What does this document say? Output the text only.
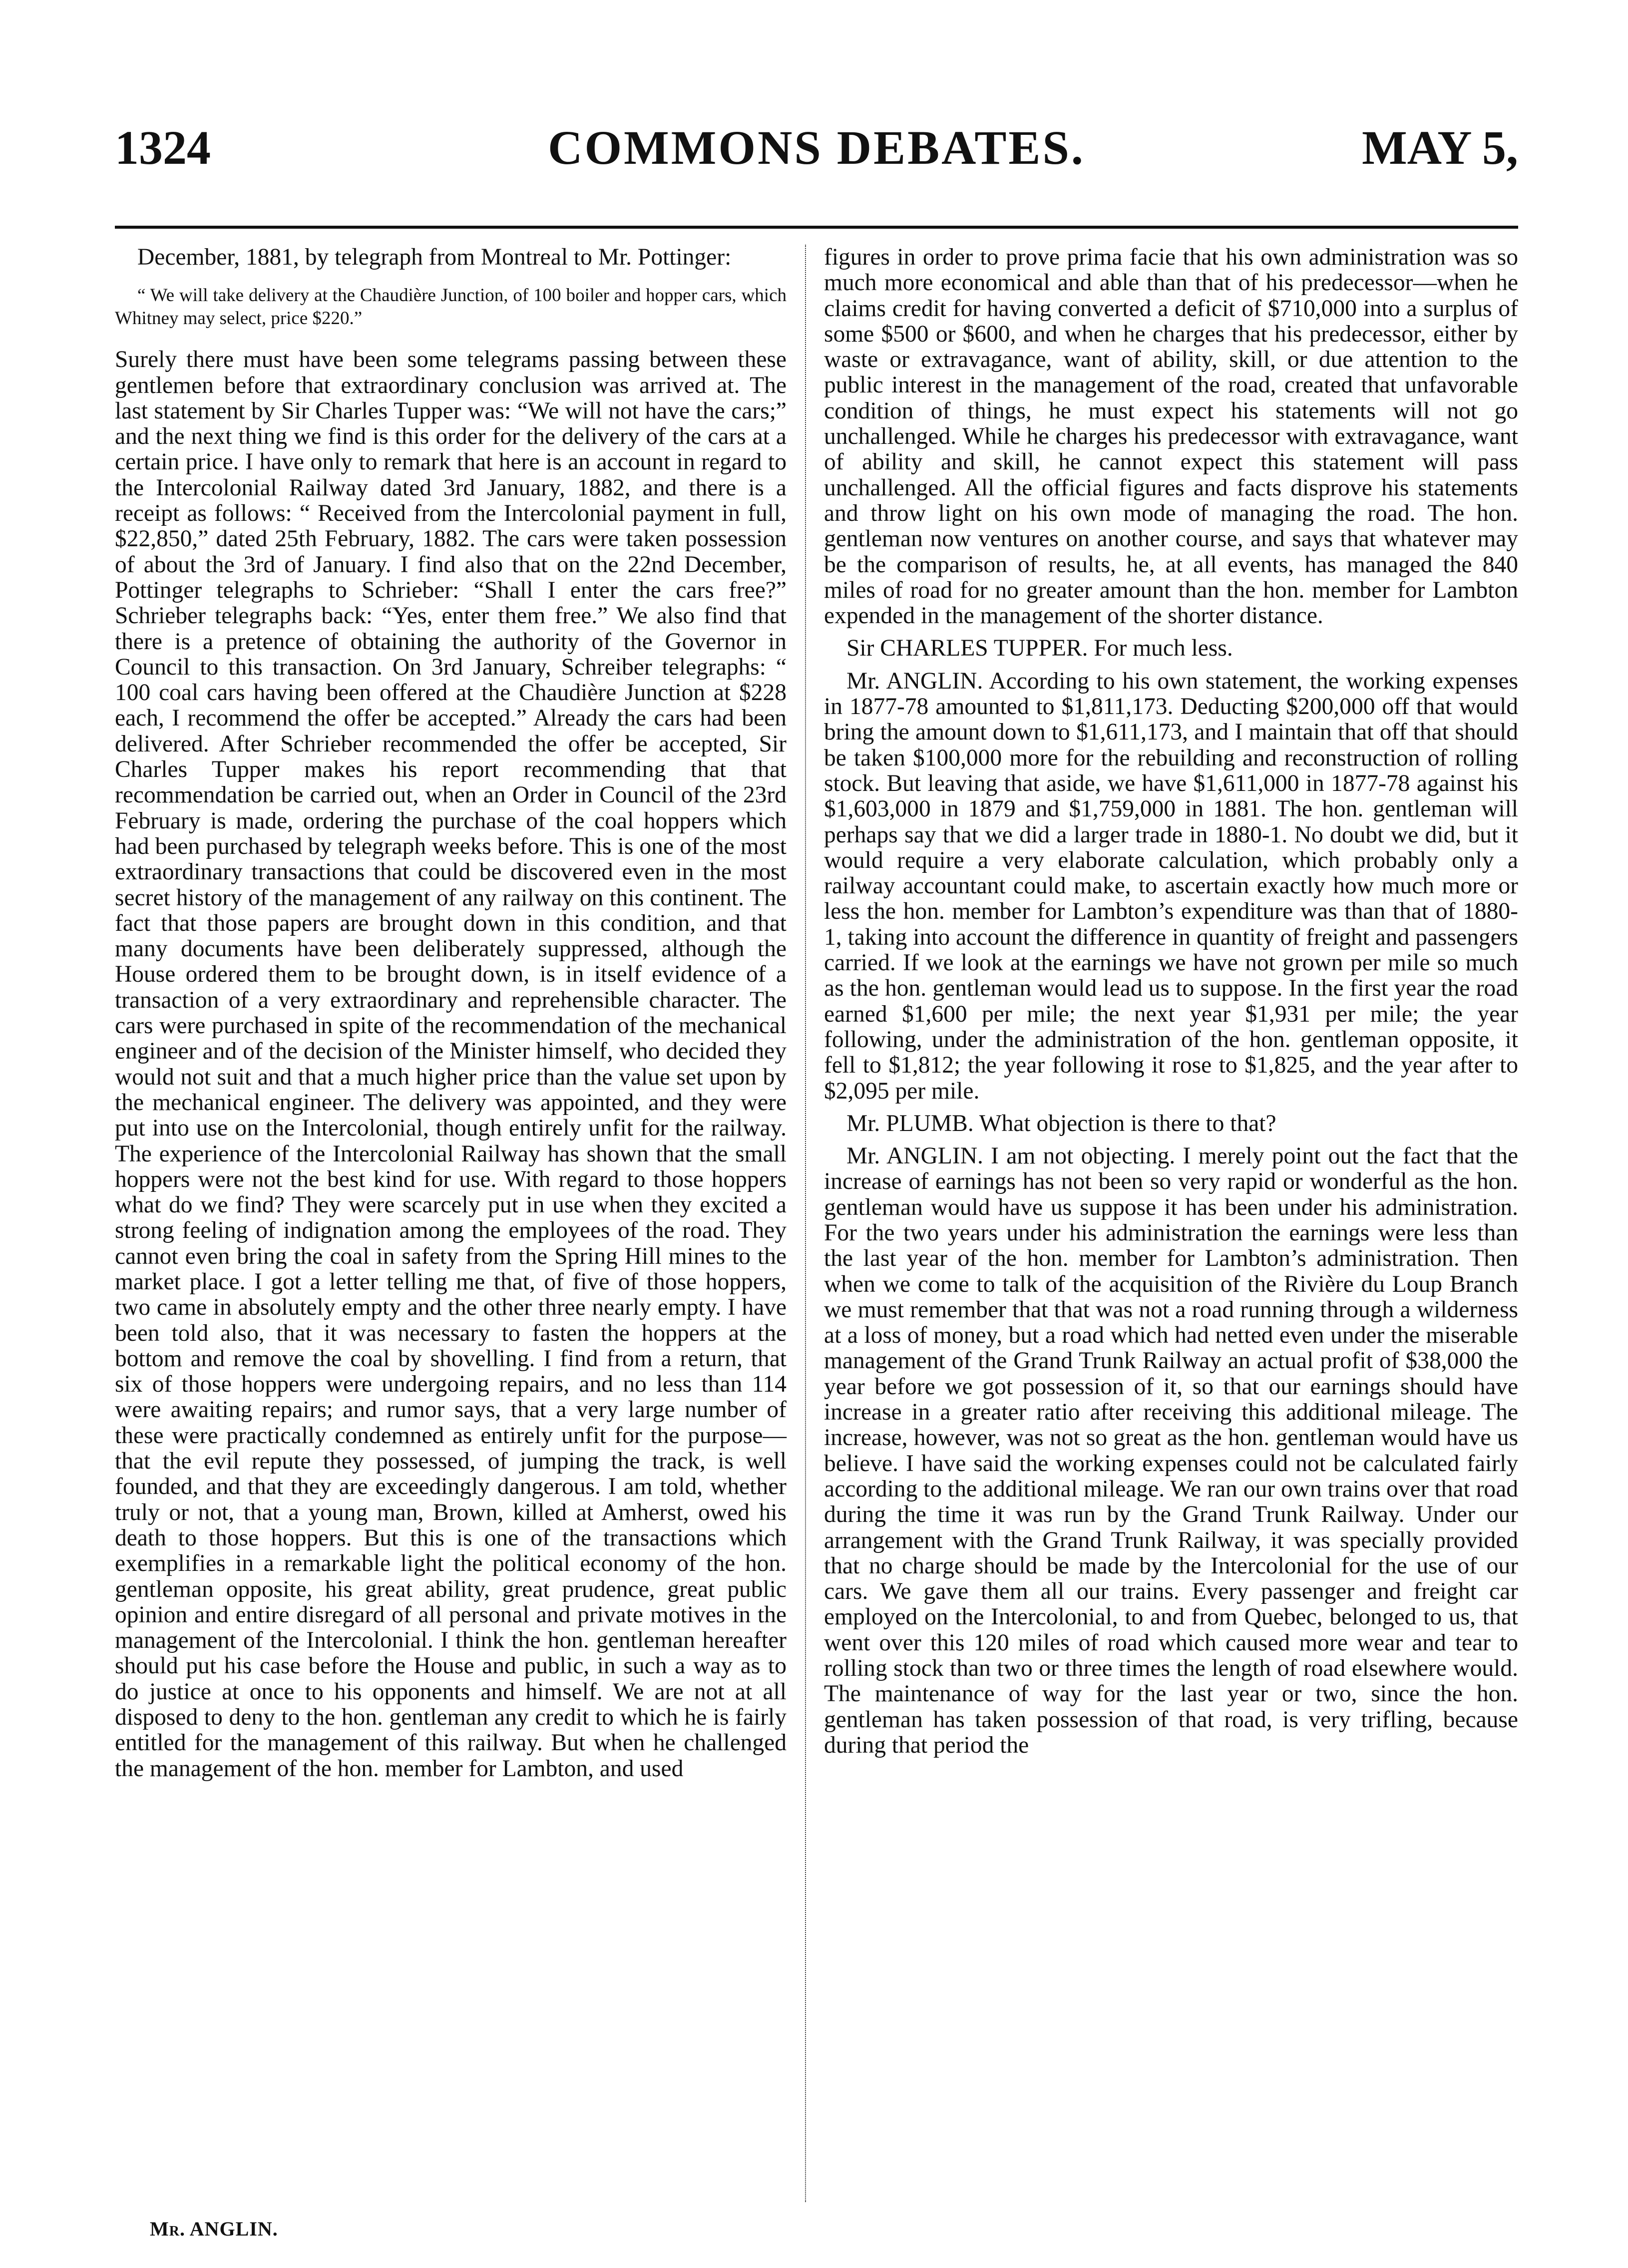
1324	COMMONS DEBATES.	MAY 5,

December, 1881, by telegraph from Montreal to Mr. Pottinger:

“ We will take delivery at the Chaudière Junction, of 100 boiler and hopper cars, which Whitney may select, price $220.”

Surely there must have been some telegrams passing between these gentlemen before that extraordinary conclusion was arrived at. The last statement by Sir Charles Tupper was: “We will not have the cars;” and the next thing we find is this order for the delivery of the cars at a certain price. I have only to remark that here is an account in regard to the Intercolonial Railway dated 3rd January, 1882, and there is a receipt as follows: “ Received from the Intercolonial payment in full, $22,850,” dated 25th February, 1882. The cars were taken possession of about the 3rd of January. I find also that on the 22nd December, Pottinger telegraphs to Schrieber: “Shall I enter the cars free?” Schrieber telegraphs back: “Yes, enter them free.” We also find that there is a pretence of obtaining the authority of the Governor in Council to this transaction. On 3rd January, Schreiber telegraphs: “ 100 coal cars having been offered at the Chaudière Junction at $228 each, I recommend the offer be accepted.” Already the cars had been delivered. After Schrieber recommended the offer be accepted, Sir Charles Tupper makes his report recommending that that recommendation be carried out, when an Order in Council of the 23rd February is made, ordering the purchase of the coal hoppers which had been purchased by telegraph weeks before. This is one of the most extraordinary transactions that could be discovered even in the most secret history of the management of any railway on this continent. The fact that those papers are brought down in this condition, and that many documents have been deliberately suppressed, although the House ordered them to be brought down, is in itself evidence of a transaction of a very extraordinary and reprehensible character. The cars were purchased in spite of the recommendation of the mechanical engineer and of the decision of the Minister himself, who decided they would not suit and that a much higher price than the value set upon by the mechanical engineer. The delivery was appointed, and they were put into use on the Intercolonial, though entirely unfit for the railway. The experience of the Intercolonial Railway has shown that the small hoppers were not the best kind for use. With regard to those hoppers what do we find? They were scarcely put in use when they excited a strong feeling of indignation among the employees of the road. They cannot even bring the coal in safety from the Spring Hill mines to the market place. I got a letter telling me that, of five of those hoppers, two came in absolutely empty and the other three nearly empty. I have been told also, that it was necessary to fasten the hoppers at the bottom and remove the coal by shovelling. I find from a return, that six of those hoppers were undergoing repairs, and no less than 114 were awaiting repairs; and rumor says, that a very large number of these were practically condemned as entirely unfit for the purpose—that the evil repute they possessed, of jumping the track, is well founded, and that they are exceedingly dangerous. I am told, whether truly or not, that a young man, Brown, killed at Amherst, owed his death to those hoppers. But this is one of the transactions which exemplifies in a remarkable light the political economy of the hon. gentleman opposite, his great ability, great prudence, great public opinion and entire disregard of all personal and private motives in the management of the Intercolonial. I think the hon. gentleman hereafter should put his case before the House and public, in such a way as to do justice at once to his opponents and himself. We are not at all disposed to deny to the hon. gentleman any credit to which he is fairly entitled for the management of this railway. But when he challenged the management of the hon. member for Lambton, and used

figures in order to prove prima facie that his own administration was so much more economical and able than that of his predecessor—when he claims credit for having converted a deficit of $710,000 into a surplus of some $500 or $600, and when he charges that his predecessor, either by waste or extravagance, want of ability, skill, or due attention to the public interest in the management of the road, created that unfavorable condition of things, he must expect his statements will not go unchallenged. While he charges his predecessor with extravagance, want of ability and skill, he cannot expect this statement will pass unchallenged. All the official figures and facts disprove his statements and throw light on his own mode of managing the road. The hon. gentleman now ventures on another course, and says that whatever may be the comparison of results, he, at all events, has managed the 840 miles of road for no greater amount than the hon. member for Lambton expended in the management of the shorter distance.

Sir CHARLES TUPPER. For much less.

Mr. ANGLIN. According to his own statement, the working expenses in 1877-78 amounted to $1,811,173. Deducting $200,000 off that would bring the amount down to $1,611,173, and I maintain that off that should be taken $100,000 more for the rebuilding and reconstruction of rolling stock. But leaving that aside, we have $1,611,000 in 1877-78 against his $1,603,000 in 1879 and $1,759,000 in 1881. The hon. gentleman will perhaps say that we did a larger trade in 1880-1. No doubt we did, but it would require a very elaborate calculation, which probably only a railway accountant could make, to ascertain exactly how much more or less the hon. member for Lambton’s expenditure was than that of 1880-1, taking into account the difference in quantity of freight and passengers carried. If we look at the earnings we have not grown per mile so much as the hon. gentleman would lead us to suppose. In the first year the road earned $1,600 per mile; the next year $1,931 per mile; the year following, under the administration of the hon. gentleman opposite, it fell to $1,812; the year following it rose to $1,825, and the year after to $2,095 per mile.

Mr. PLUMB. What objection is there to that?

Mr. ANGLIN. I am not objecting. I merely point out the fact that the increase of earnings has not been so very rapid or wonderful as the hon. gentleman would have us suppose it has been under his administration. For the two years under his administration the earnings were less than the last year of the hon. member for Lambton’s administration. Then when we come to talk of the acquisition of the Rivière du Loup Branch we must remember that that was not a road running through a wilderness at a loss of money, but a road which had netted even under the miserable management of the Grand Trunk Railway an actual profit of $38,000 the year before we got possession of it, so that our earnings should have increase in a greater ratio after receiving this additional mileage. The increase, however, was not so great as the hon. gentleman would have us believe. I have said the working expenses could not be calculated fairly according to the additional mileage. We ran our own trains over that road during the time it was run by the Grand Trunk Railway. Under our arrangement with the Grand Trunk Railway, it was specially provided that no charge should be made by the Intercolonial for the use of our cars. We gave them all our trains. Every passenger and freight car employed on the Intercolonial, to and from Quebec, belonged to us, that went over this 120 miles of road which caused more wear and tear to rolling stock than two or three times the length of road elsewhere would. The maintenance of way for the last year or two, since the hon. gentleman has taken possession of that road, is very trifling, because during that period the

Mr. ANGLIN.
